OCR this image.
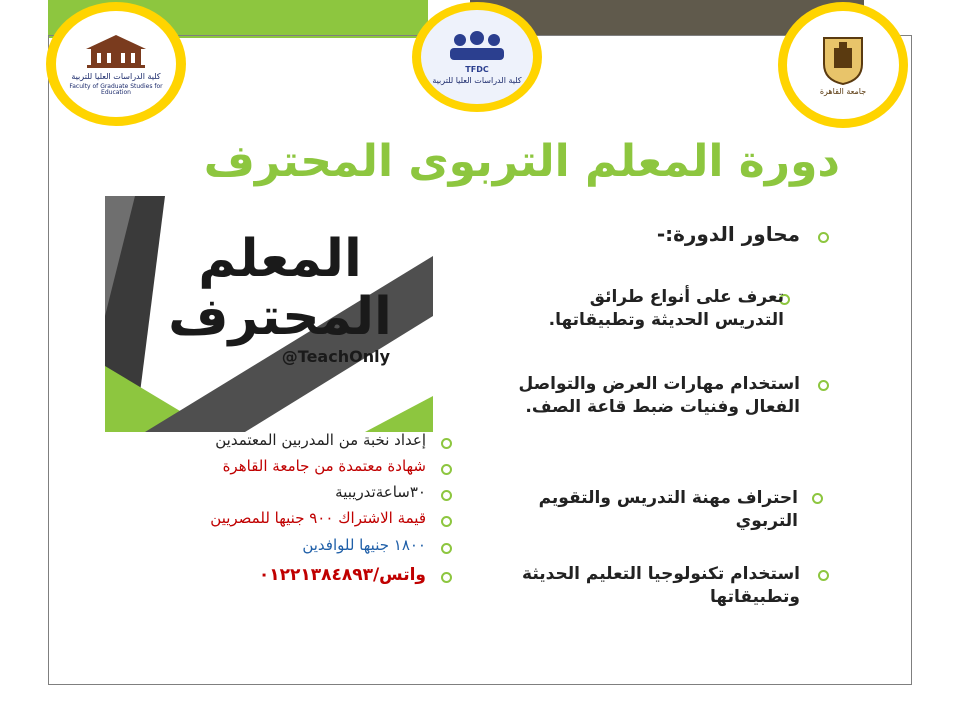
كلية الدراسات العليا للتربية
Faculty of Graduate Studies for Education
TFDC
كلية الدراسات العليا للتربية
جامعة القاهرة
دورة المعلم التربوى المحترف
المعلم
المحترف
@TeachOnly
محاور الدورة:-
تعرف على أنواع طرائق التدريس الحديثة وتطبيقاتها.
استخدام مهارات العرض والتواصل الفعال وفنيات ضبط قاعة الصف.
احتراف مهنة التدريس والتقويم التربوي
استخدام تكنولوجيا التعليم الحديثة وتطبيقاتها
إعداد نخبة من المدربين المعتمدين
شهادة معتمدة من جامعة القاهرة
٣٠ساعةتدريبية
قيمة الاشتراك ٩٠٠ جنيها للمصريين
١٨٠٠ جنيها للوافدين
واتس/٠١٢٢١٣٨٤٨٩٣
